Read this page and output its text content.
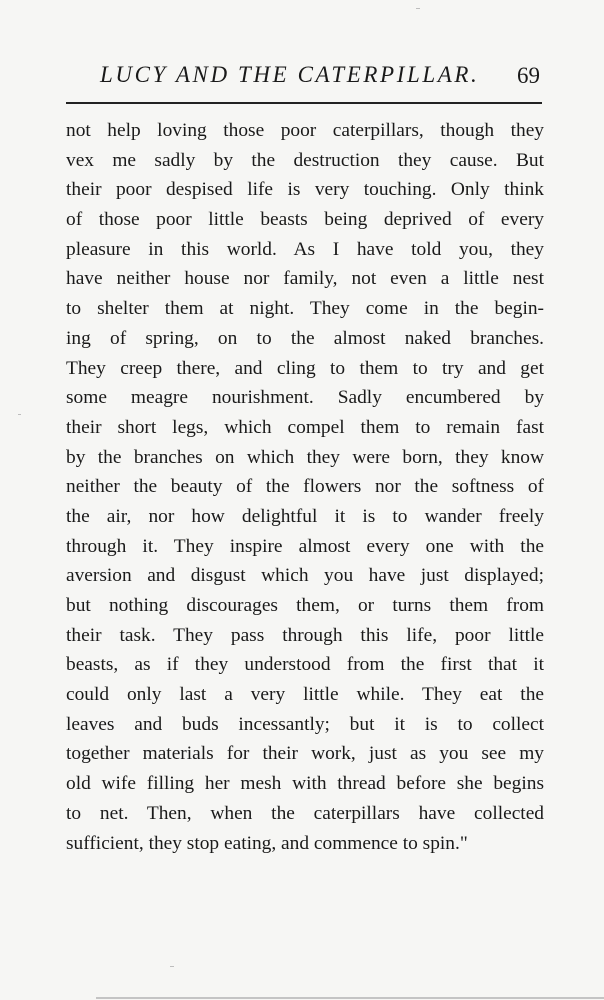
LUCY AND THE CATERPILLAR. 69
not help loving those poor caterpillars, though they
vex me sadly by the destruction they cause. But
their poor despised life is very touching. Only think
of those poor little beasts being deprived of every
pleasure in this world. As I have told you, they
have neither house nor family, not even a little nest
to shelter them at night. They come in the begin-
ing of spring, on to the almost naked branches.
They creep there, and cling to them to try and get
some meagre nourishment. Sadly encumbered by
their short legs, which compel them to remain fast
by the branches on which they were born, they know
neither the beauty of the flowers nor the softness of
the air, nor how delightful it is to wander freely
through it. They inspire almost every one with the
aversion and disgust which you have just displayed;
but nothing discourages them, or turns them from
their task. They pass through this life, poor little
beasts, as if they understood from the first that it
could only last a very little while. They eat the
leaves and buds incessantly; but it is to collect
together materials for their work, just as you see my
old wife filling her mesh with thread before she begins
to net. Then, when the caterpillars have collected
sufficient, they stop eating, and commence to spin."
